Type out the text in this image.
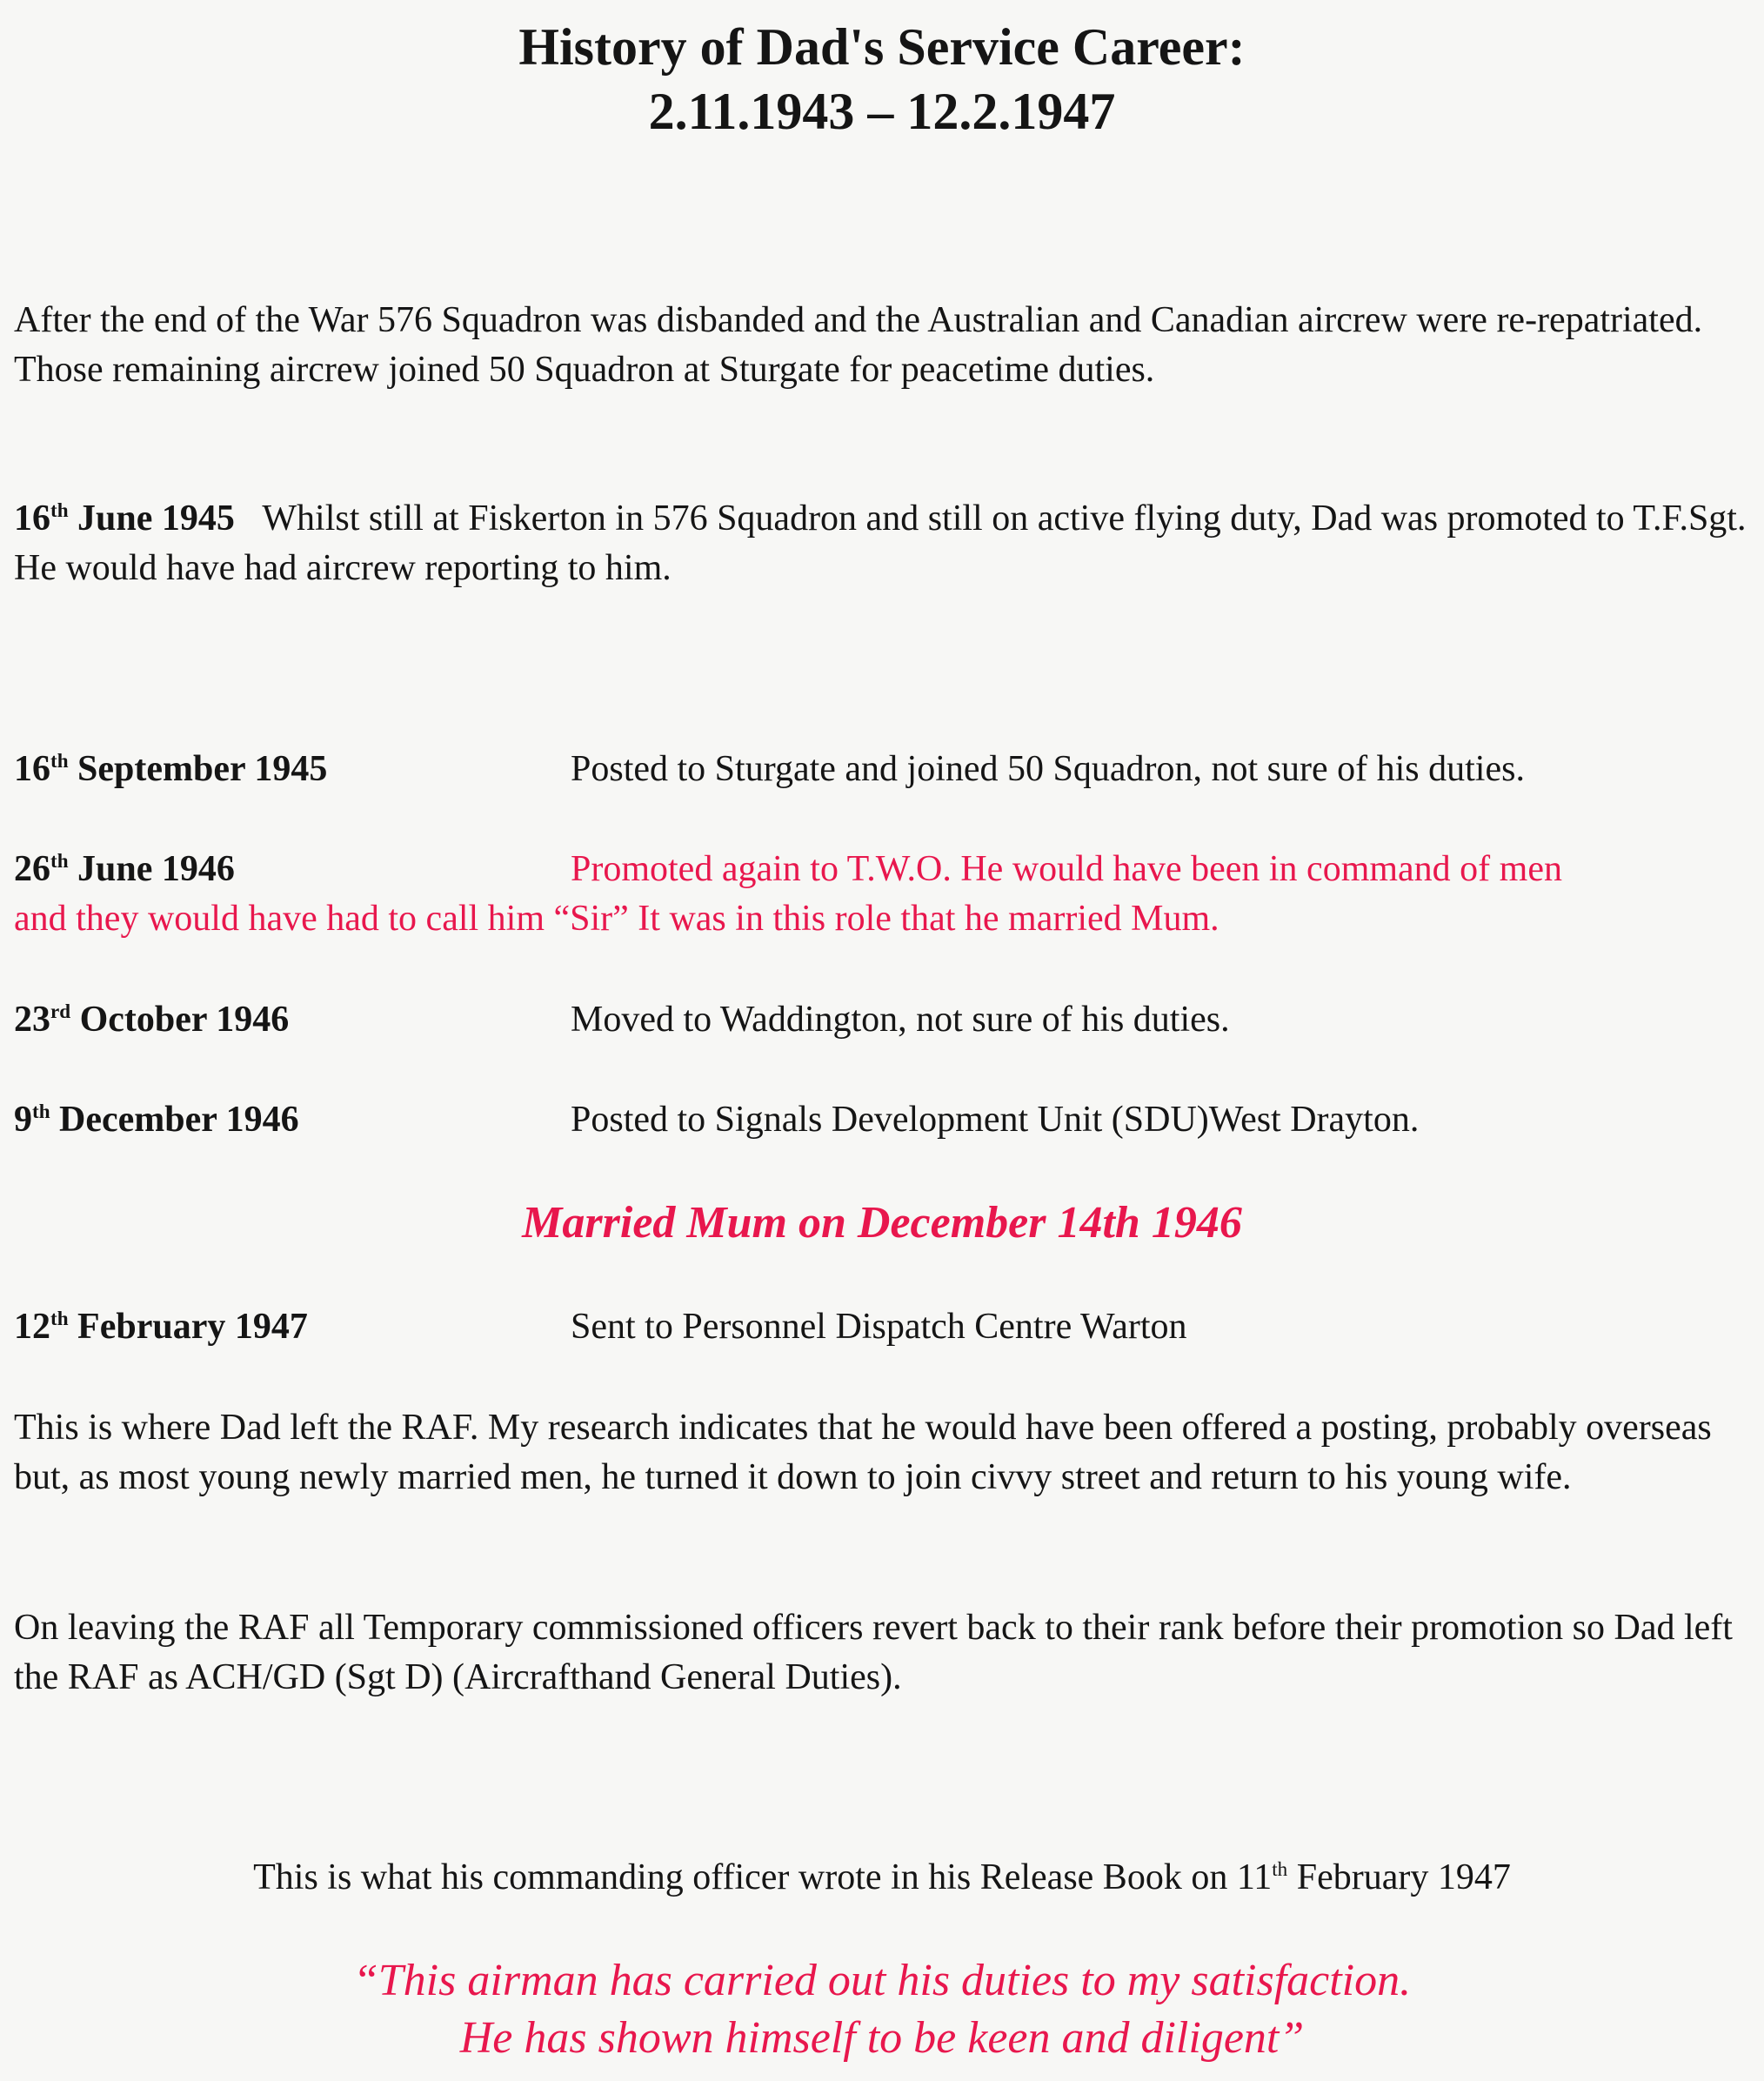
History of Dad's Service Career:
2.11.1943 – 12.2.1947
After the end of the War 576 Squadron was disbanded and the Australian and Canadian aircrew were re-repatriated. Those remaining aircrew joined 50 Squadron at Sturgate for peacetime duties.
16th June 1945 Whilst still at Fiskerton in 576 Squadron and still on active flying duty, Dad was promoted to T.F.Sgt. He would have had aircrew reporting to him.
16th September 1945	Posted to Sturgate and joined 50 Squadron, not sure of his duties.
26th June 1946	Promoted again to T.W.O. He would have been in command of men
and they would have had to call him “Sir” It was in this role that he married Mum.
23rd October 1946	Moved to Waddington, not sure of his duties.
9th December 1946	Posted to Signals Development Unit (SDU)West Drayton.
Married Mum on December 14th 1946
12th February 1947	Sent to Personnel Dispatch Centre Warton
This is where Dad left the RAF. My research indicates that he would have been offered a posting, probably overseas but, as most young newly married men, he turned it down to join civvy street and return to his young wife.
On leaving the RAF all Temporary commissioned officers revert back to their rank before their promotion so Dad left the RAF as ACH/GD (Sgt D) (Aircrafthand General Duties).
This is what his commanding officer wrote in his Release Book on 11th February 1947
“This airman has carried out his duties to my satisfaction.
He has shown himself to be keen and diligent”
